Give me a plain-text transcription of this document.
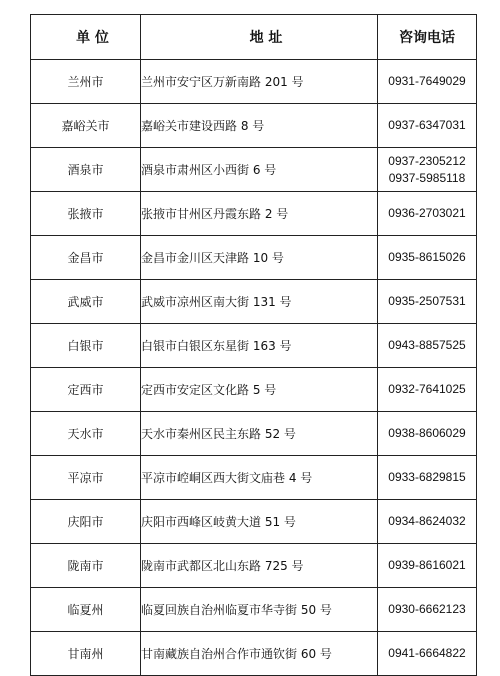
单 位	地 址	咨询电话
兰州市	兰州市安宁区万新南路 201 号	0931-7649029

嘉峪关市	嘉峪关市建设西路 8 号	0937-6347031

酒泉市	酒泉市肃州区小西街 6 号	0937-2305212
0937-5985118

张掖市	张掖市甘州区丹霞东路 2 号	0936-2703021

金昌市	金昌市金川区天津路 10 号	0935-8615026

武威市	武威市凉州区南大街 131 号	0935-2507531

白银市	白银市白银区东星街 163 号	0943-8857525

定西市	定西市安定区文化路 5 号	0932-7641025

天水市	天水市秦州区民主东路 52 号	0938-8606029

平凉市	平凉市崆峒区西大街文庙巷 4 号	0933-6829815

庆阳市	庆阳市西峰区岐黄大道 51 号	0934-8624032

陇南市	陇南市武都区北山东路 725 号	0939-8616021

临夏州	临夏回族自治州临夏市华寺街 50 号	0930-6662123

甘南州	甘南藏族自治州合作市通钦街 60 号	0941-6664822
